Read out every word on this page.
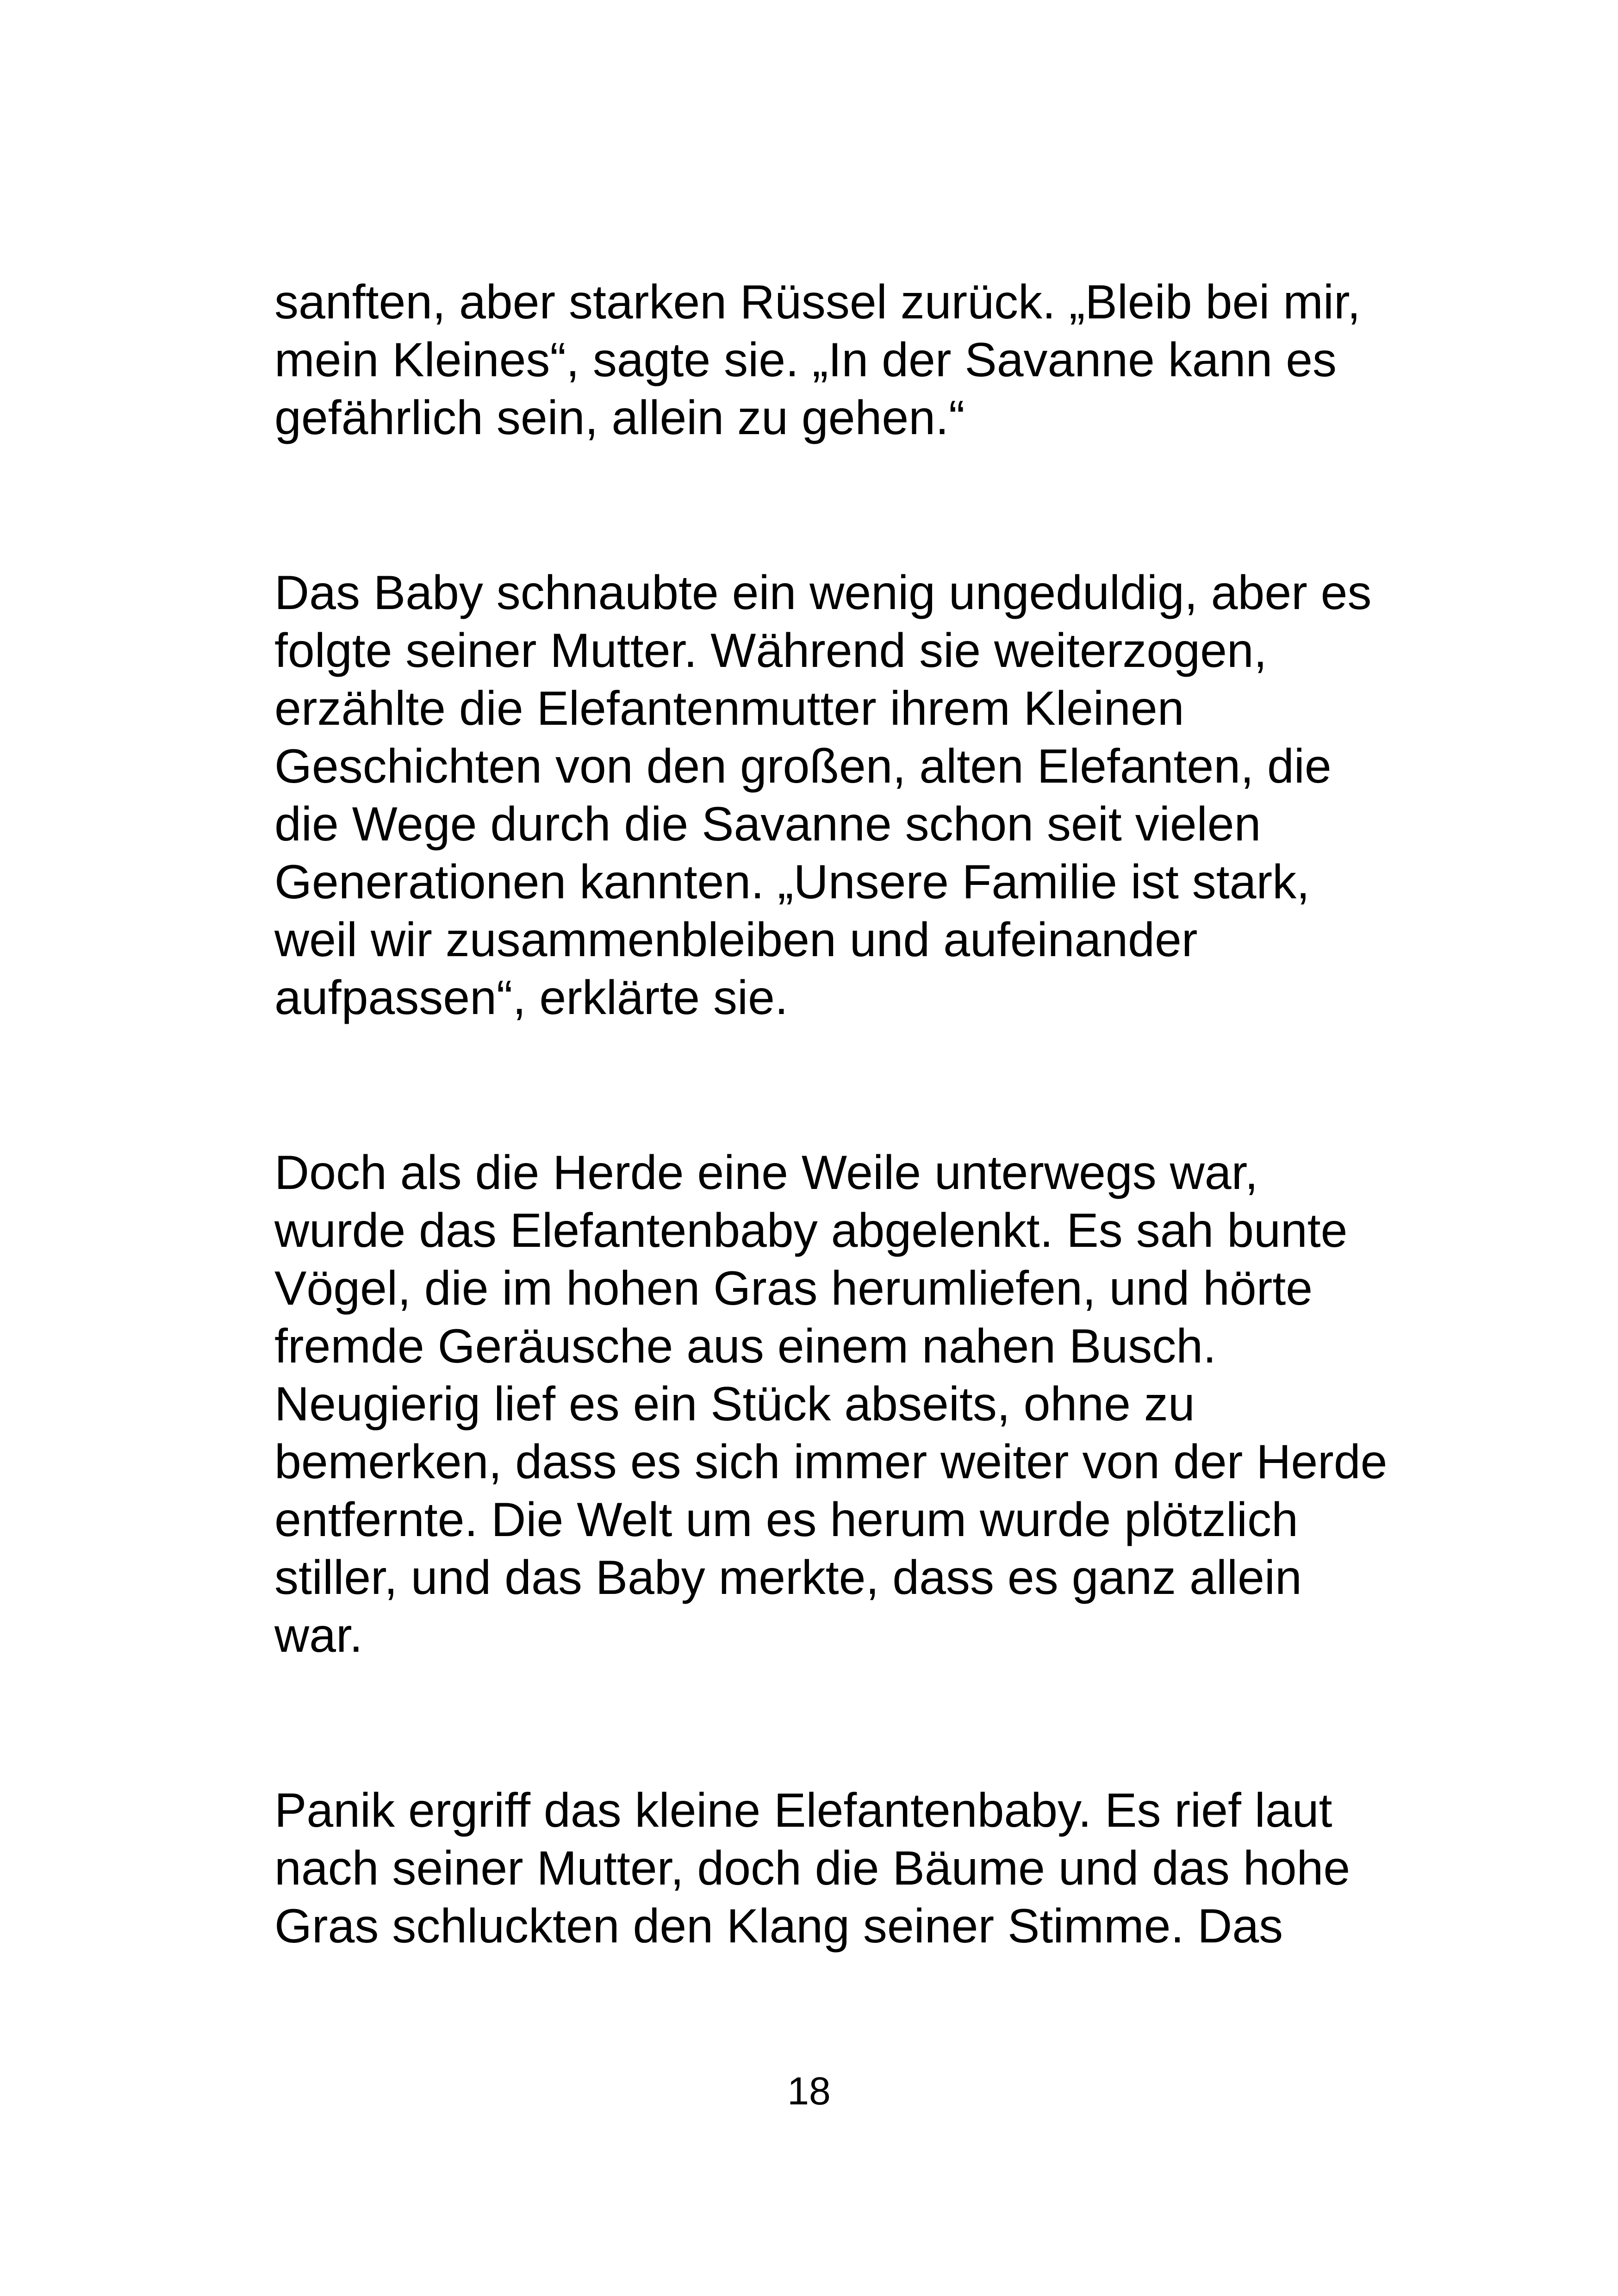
sanften, aber starken Rüssel zurück. „Bleib bei mir,
mein Kleines“, sagte sie. „In der Savanne kann es
gefährlich sein, allein zu gehen.“

Das Baby schnaubte ein wenig ungeduldig, aber es
folgte seiner Mutter. Während sie weiterzogen,
erzählte die Elefantenmutter ihrem Kleinen
Geschichten von den großen, alten Elefanten, die
die Wege durch die Savanne schon seit vielen
Generationen kannten. „Unsere Familie ist stark,
weil wir zusammenbleiben und aufeinander
aufpassen“, erklärte sie.

Doch als die Herde eine Weile unterwegs war,
wurde das Elefantenbaby abgelenkt. Es sah bunte
Vögel, die im hohen Gras herumliefen, und hörte
fremde Geräusche aus einem nahen Busch.
Neugierig lief es ein Stück abseits, ohne zu
bemerken, dass es sich immer weiter von der Herde
entfernte. Die Welt um es herum wurde plötzlich
stiller, und das Baby merkte, dass es ganz allein
war.

Panik ergriff das kleine Elefantenbaby. Es rief laut
nach seiner Mutter, doch die Bäume und das hohe
Gras schluckten den Klang seiner Stimme. Das

18
